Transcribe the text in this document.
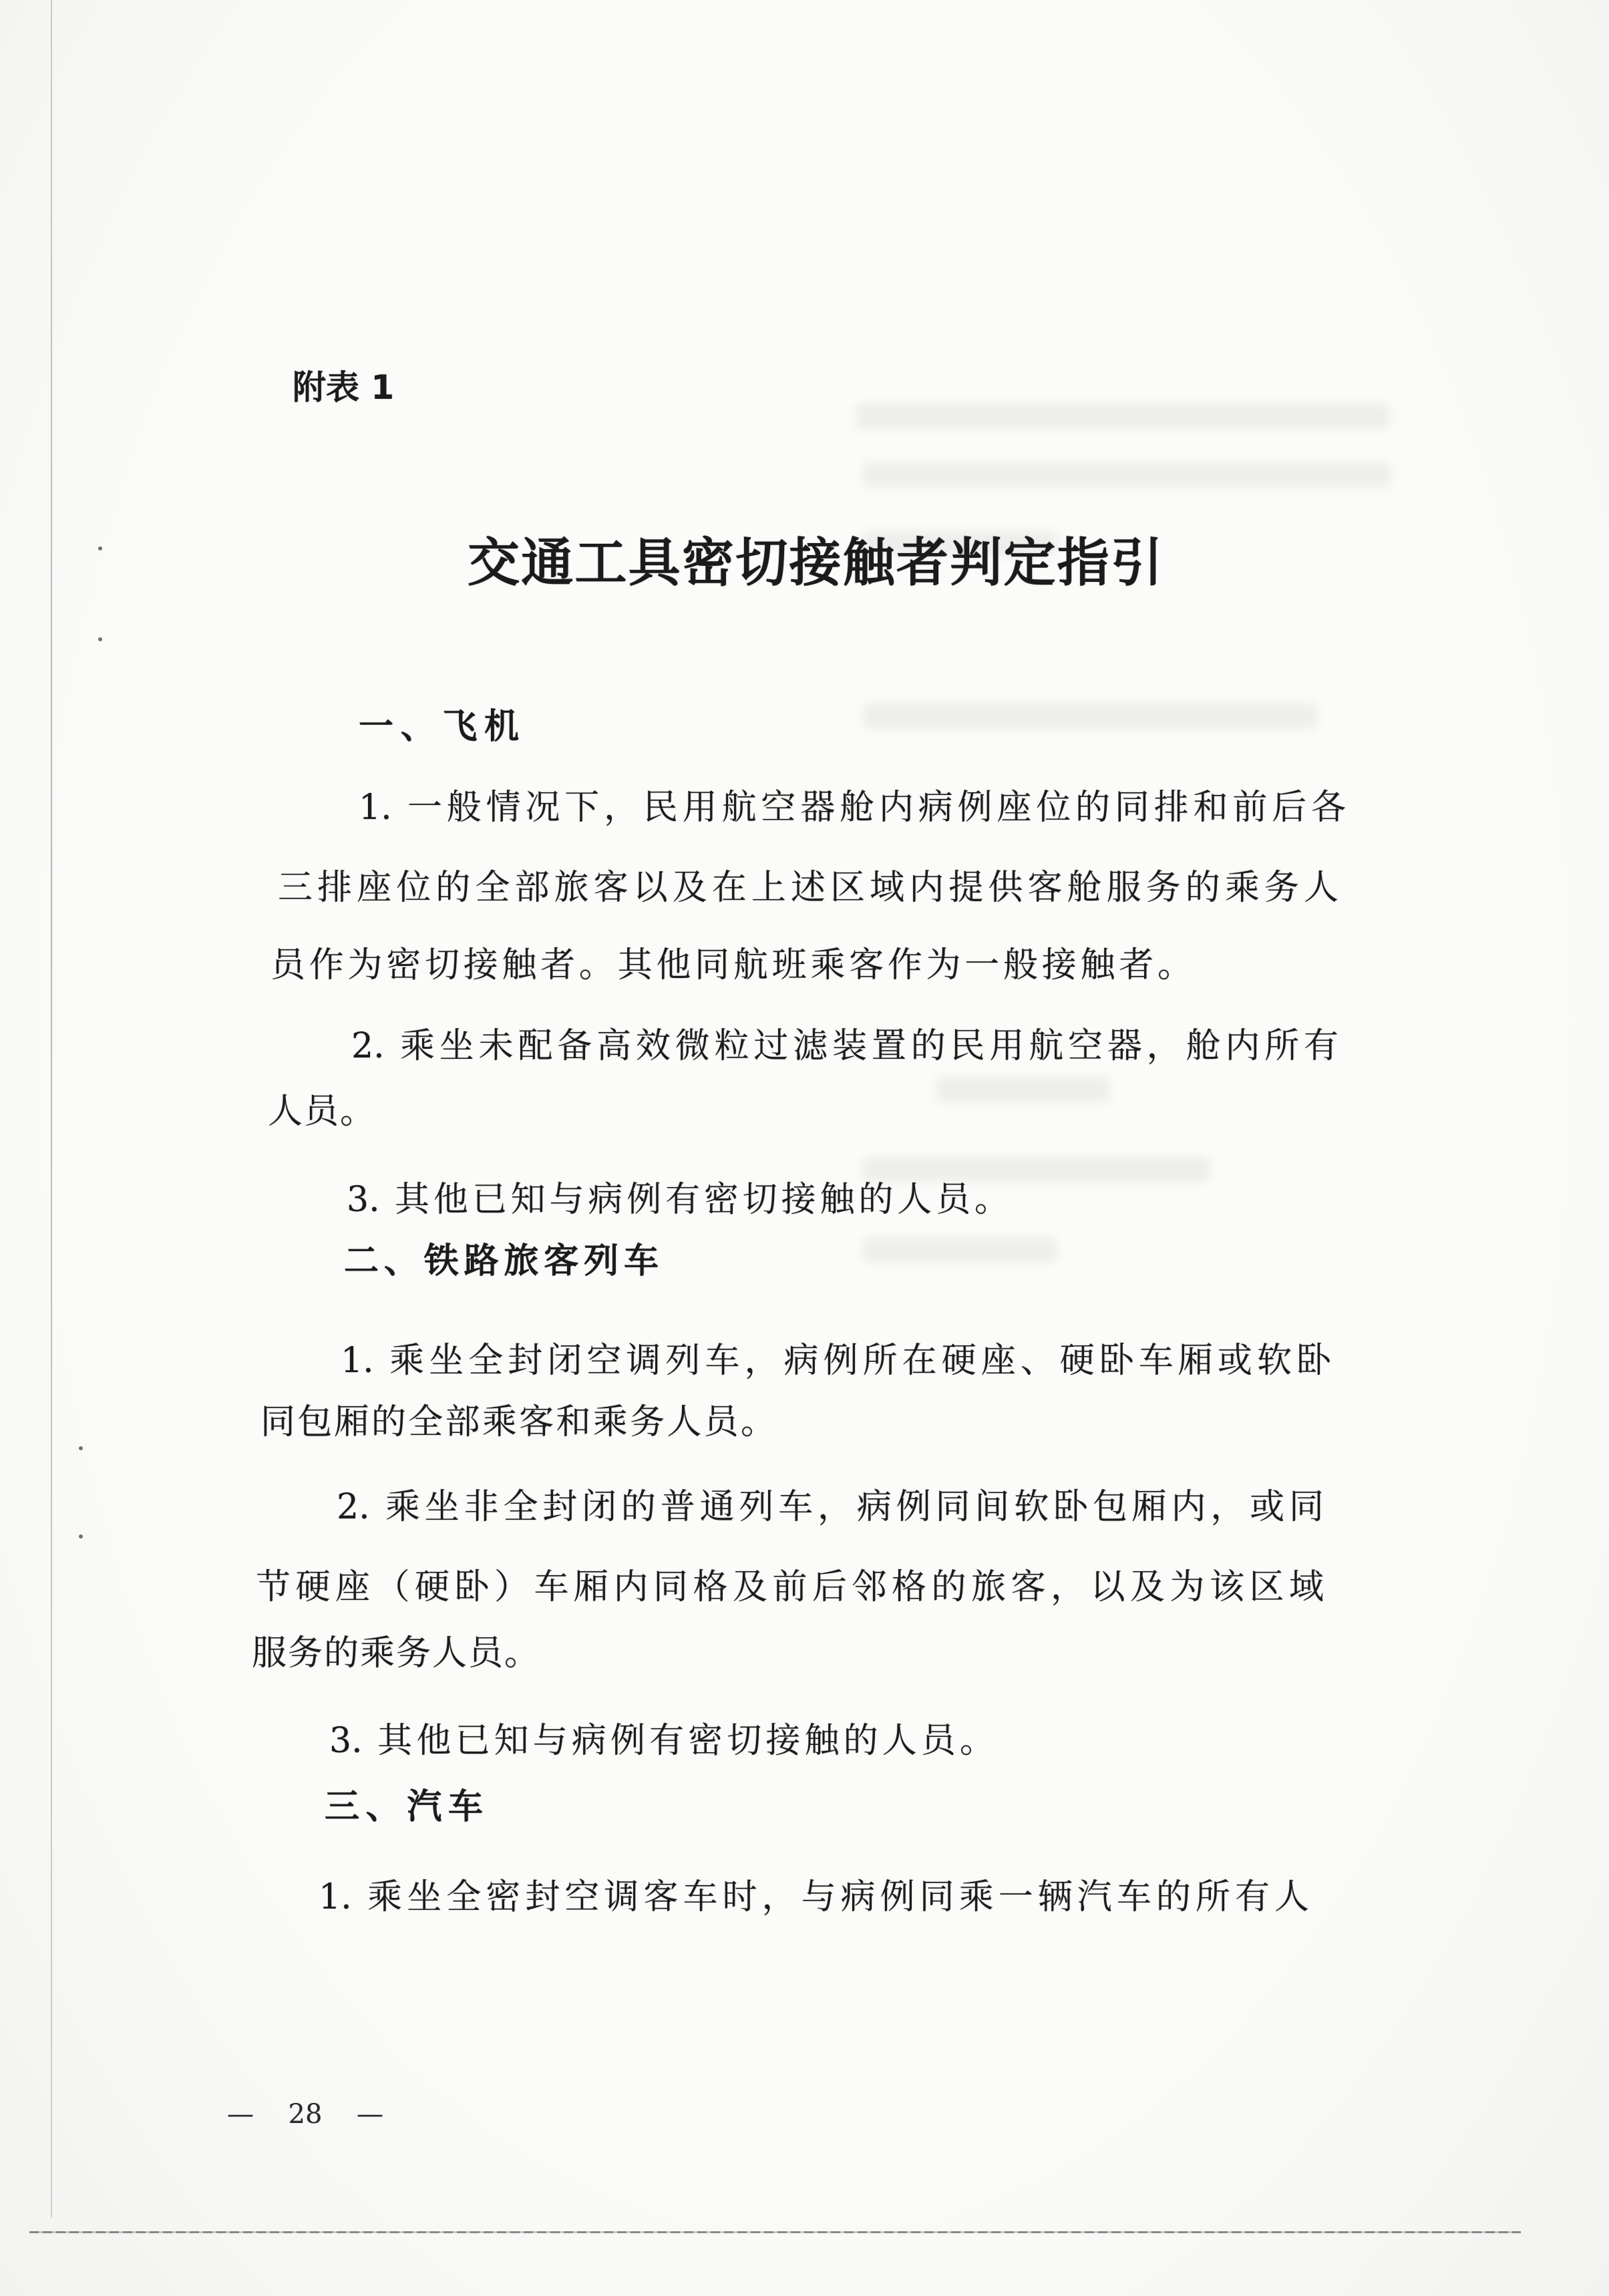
附表 1
交通工具密切接触者判定指引
一、飞机
1. 一般情况下，民用航空器舱内病例座位的同排和前后各
三排座位的全部旅客以及在上述区域内提供客舱服务的乘务人
员作为密切接触者。其他同航班乘客作为一般接触者。
2. 乘坐未配备高效微粒过滤装置的民用航空器，舱内所有
人员。
3. 其他已知与病例有密切接触的人员。
二、铁路旅客列车
1. 乘坐全封闭空调列车，病例所在硬座、硬卧车厢或软卧
同包厢的全部乘客和乘务人员。
2. 乘坐非全封闭的普通列车，病例同间软卧包厢内，或同
节硬座（硬卧）车厢内同格及前后邻格的旅客，以及为该区域
服务的乘务人员。
3. 其他已知与病例有密切接触的人员。
三、汽车
1. 乘坐全密封空调客车时，与病例同乘一辆汽车的所有人
— 28 —
